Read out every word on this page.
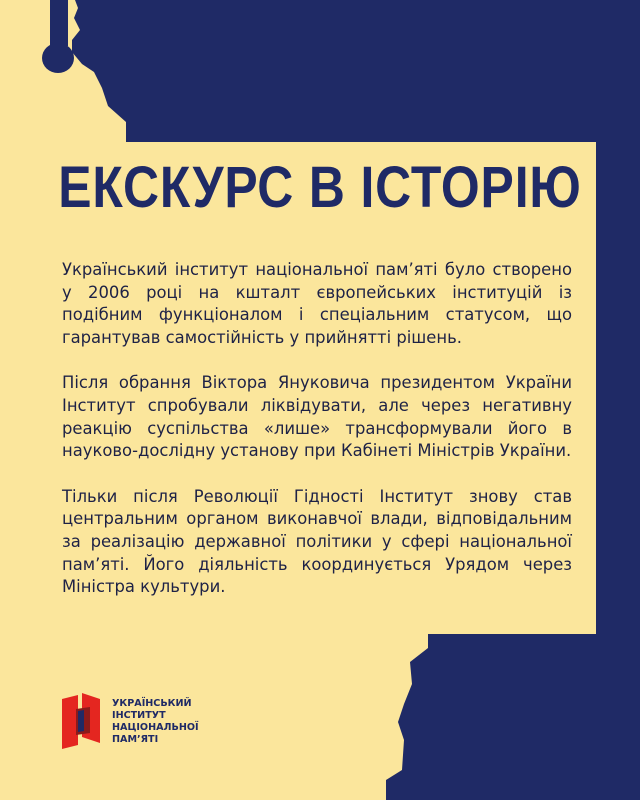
ЕКСКУРС В ІСТОРІЮ

Український інститут національної пам’яті було створено у 2006 році на кшталт європейських інституцій із подібним функціоналом і спеціальним статусом, що гарантував самостійність у прийнятті рішень.

Після обрання Віктора Януковича президентом України Інститут спробували ліквідувати, але через негативну реакцію суспільства «лише» трансформували його в науково-дослідну установу при Кабінеті Міністрів України.

Тільки після Революції Гідності Інститут знову став центральним органом виконавчої влади, відповідальним за реалізацію державної політики у сфері національної пам’яті. Його діяльність координується Урядом через Міністра культури.

УКРАЇНСЬКИЙ
ІНСТИТУТ
НАЦІОНАЛЬНОЇ
ПАМ’ЯТІ
